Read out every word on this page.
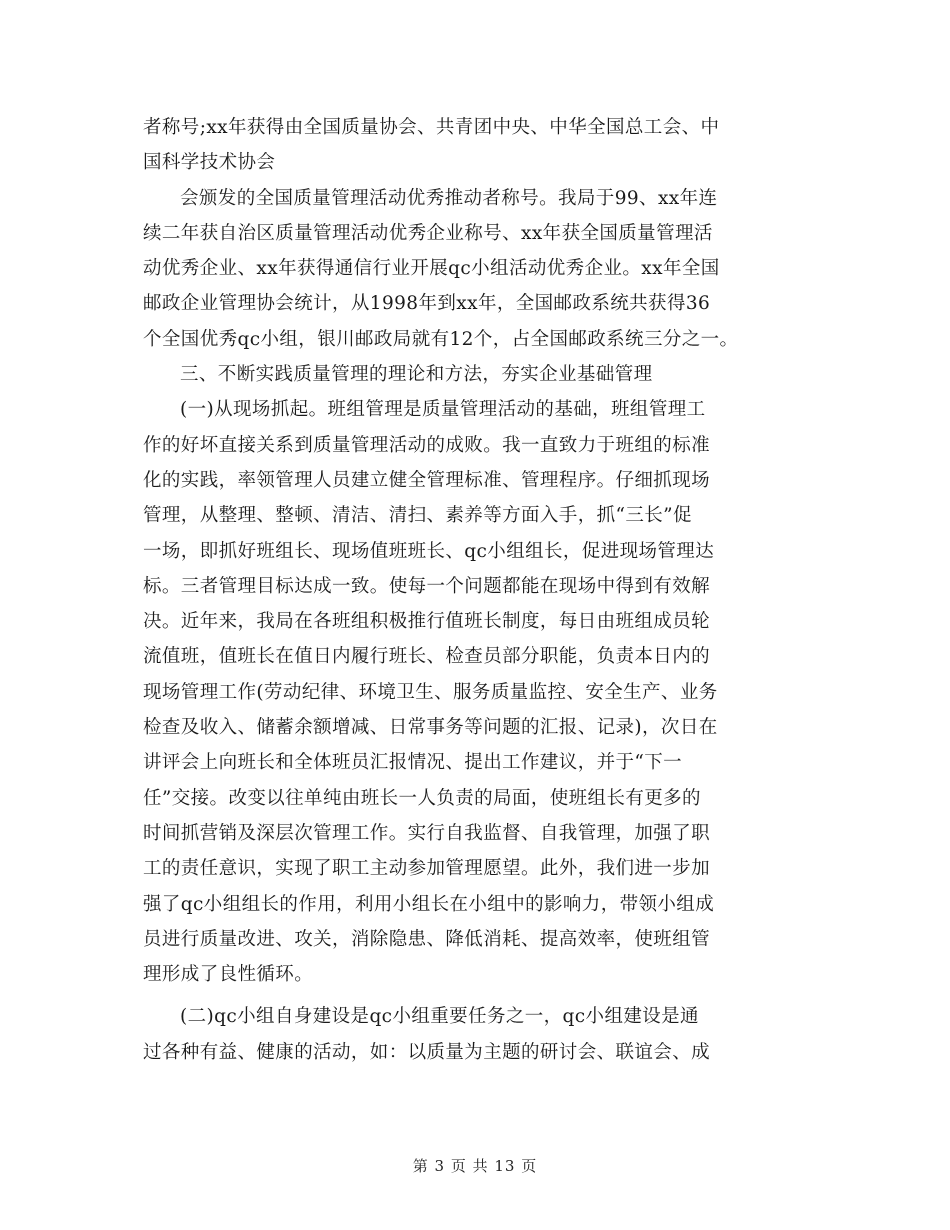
者称号;xx年获得由全国质量协会、共青团中央、中华全国总工会、中
国科学技术协会
会颁发的全国质量管理活动优秀推动者称号。我局于99、xx年连
续二年获自治区质量管理活动优秀企业称号、xx年获全国质量管理活
动优秀企业、xx年获得通信行业开展qc小组活动优秀企业。xx年全国
邮政企业管理协会统计，从1998年到xx年，全国邮政系统共获得36
个全国优秀qc小组，银川邮政局就有12个，占全国邮政系统三分之一。
三、不断实践质量管理的理论和方法，夯实企业基础管理
(一)从现场抓起。班组管理是质量管理活动的基础，班组管理工
作的好坏直接关系到质量管理活动的成败。我一直致力于班组的标准
化的实践，率领管理人员建立健全管理标准、管理程序。仔细抓现场
管理，从整理、整顿、清洁、清扫、素养等方面入手，抓“三长”促
一场，即抓好班组长、现场值班班长、qc小组组长，促进现场管理达
标。三者管理目标达成一致。使每一个问题都能在现场中得到有效解
决。近年来，我局在各班组积极推行值班长制度，每日由班组成员轮
流值班，值班长在值日内履行班长、检查员部分职能，负责本日内的
现场管理工作(劳动纪律、环境卫生、服务质量监控、安全生产、业务
检查及收入、储蓄余额增减、日常事务等问题的汇报、记录)，次日在
讲评会上向班长和全体班员汇报情况、提出工作建议，并于“下一
任”交接。改变以往单纯由班长一人负责的局面，使班组长有更多的
时间抓营销及深层次管理工作。实行自我监督、自我管理，加强了职
工的责任意识，实现了职工主动参加管理愿望。此外，我们进一步加
强了qc小组组长的作用，利用小组长在小组中的影响力，带领小组成
员进行质量改进、攻关，消除隐患、降低消耗、提高效率，使班组管
理形成了良性循环。
(二)qc小组自身建设是qc小组重要任务之一，qc小组建设是通
过各种有益、健康的活动，如：以质量为主题的研讨会、联谊会、成
第 3 页 共 13 页
